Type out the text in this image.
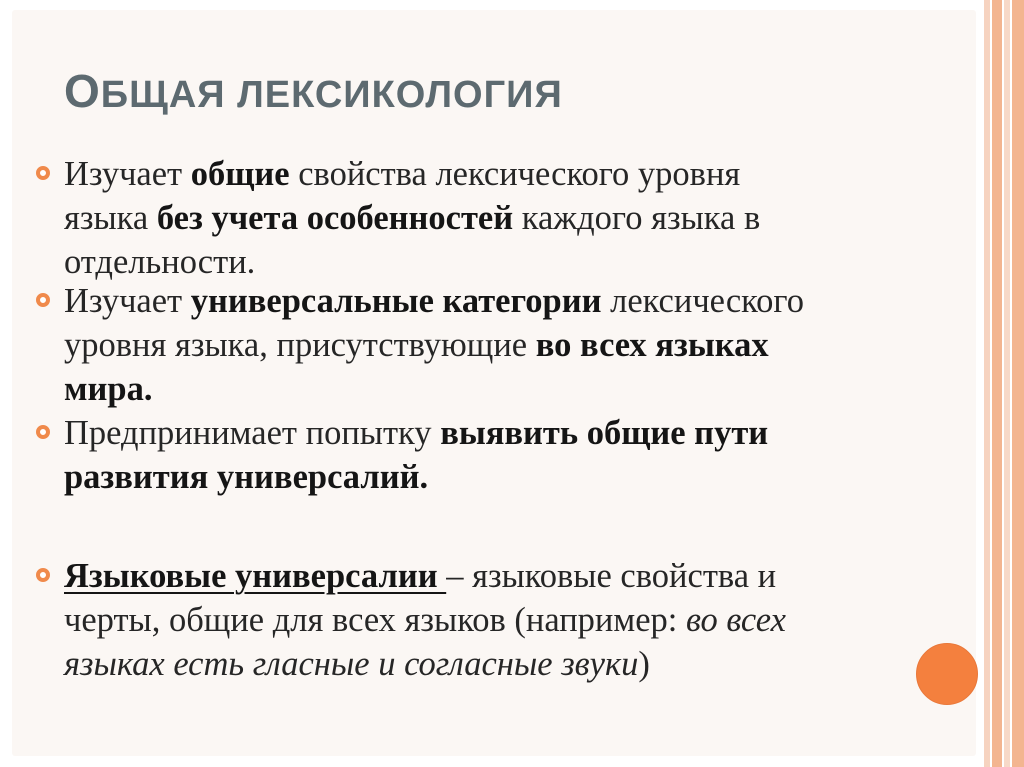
ОБЩАЯ ЛЕКСИКОЛОГИЯ
Изучает общие свойства лексического уровня
языка без учета особенностей каждого языка в
отдельности.
Изучает универсальные категории лексического
уровня языка, присутствующие во всех языках
мира.
Предпринимает попытку выявить общие пути
развития универсалий.
Языковые универсалии – языковые свойства и
черты, общие для всех языков (например: во всех
языках есть гласные и согласные звуки)
